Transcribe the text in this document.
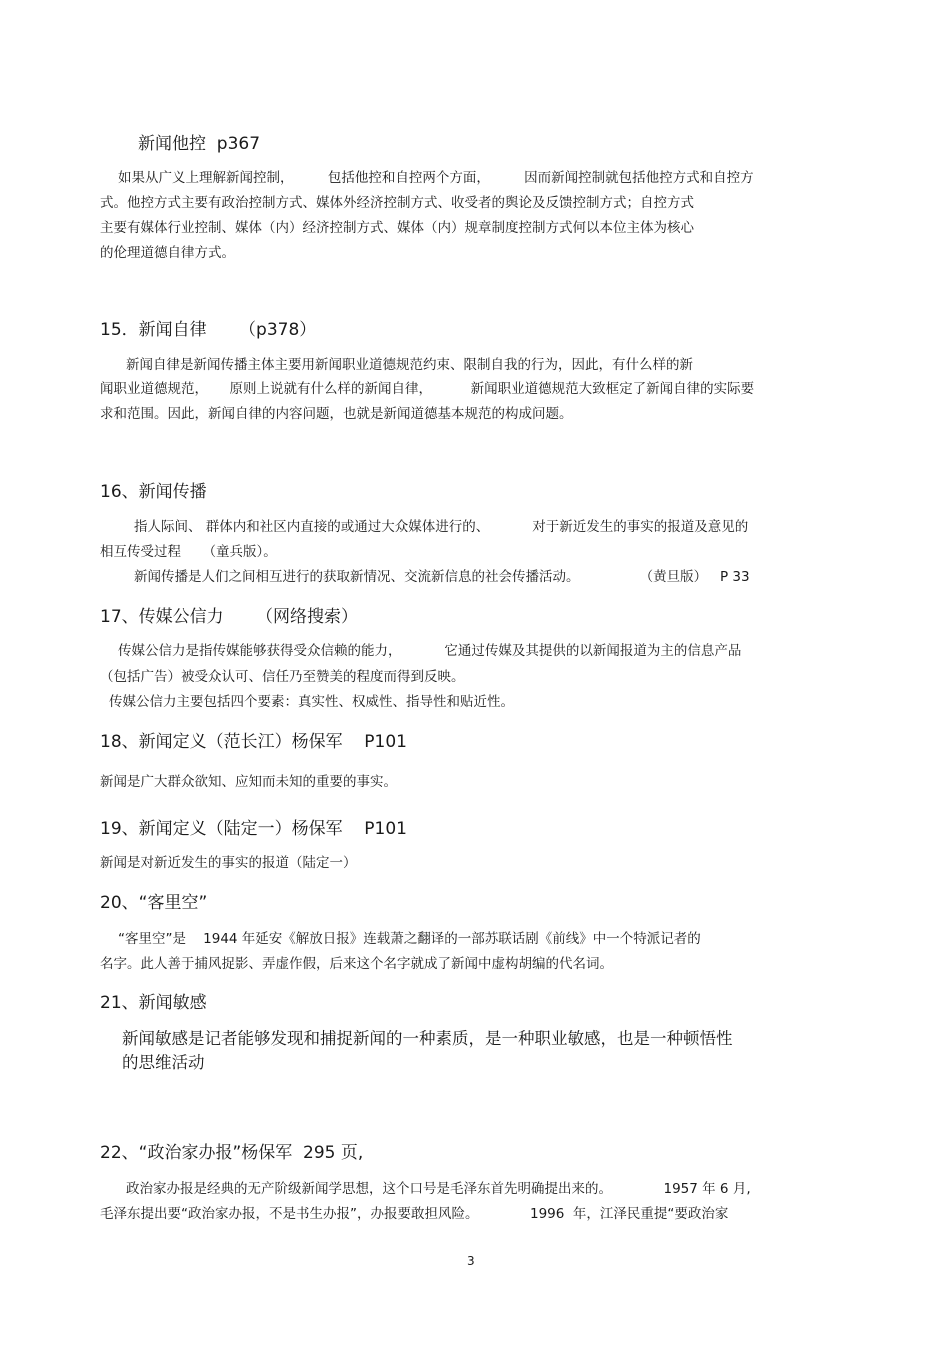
新闻他控  p367
如果从广义上理解新闻控制，        包括他控和自控两个方面，        因而新闻控制就包括他控方式和自控方
式。他控方式主要有政治控制方式、媒体外经济控制方式、收受者的舆论及反馈控制方式；自控方式
主要有媒体行业控制、媒体（内）经济控制方式、媒体（内）规章制度控制方式何以本位主体为核心
的伦理道德自律方式。
15．新闻自律      （p378）
新闻自律是新闻传播主体主要用新闻职业道德规范约束、限制自我的行为，因此，有什么样的新
闻职业道德规范，     原则上说就有什么样的新闻自律，         新闻职业道德规范大致框定了新闻自律的实际要
求和范围。因此，新闻自律的内容问题，也就是新闻道德基本规范的构成问题。
16、新闻传播
指人际间、 群体内和社区内直接的或通过大众媒体进行的、          对于新近发生的事实的报道及意见的
相互传受过程     （童兵版）。
新闻传播是人们之间相互进行的获取新情况、交流新信息的社会传播活动。              （黄旦版）   P 33
17、传媒公信力      （网络搜索）
传媒公信力是指传媒能够获得受众信赖的能力，          它通过传媒及其提供的以新闻报道为主的信息产品
（包括广告）被受众认可、信任乃至赞美的程度而得到反映。
传媒公信力主要包括四个要素：真实性、权威性、指导性和贴近性。
18、新闻定义（范长江）杨保军    P101
新闻是广大群众欲知、应知而未知的重要的事实。
19、新闻定义（陆定一）杨保军    P101
新闻是对新近发生的事实的报道（陆定一）
20、“客里空”
“客里空”是    1944 年延安《解放日报》连载萧之翻译的一部苏联话剧《前线》中一个特派记者的
名字。此人善于捕风捉影、弄虚作假，后来这个名字就成了新闻中虚构胡编的代名词。
21、新闻敏感
新闻敏感是记者能够发现和捕捉新闻的一种素质，是一种职业敏感，也是一种顿悟性
的思维活动
22、“政治家办报”杨保军  295 页,
政治家办报是经典的无产阶级新闻学思想，这个口号是毛泽东首先明确提出来的。            1957 年 6 月,
毛泽东提出要“政治家办报，不是书生办报”，办报要敢担风险。            1996  年，江泽民重提“要政治家
3
